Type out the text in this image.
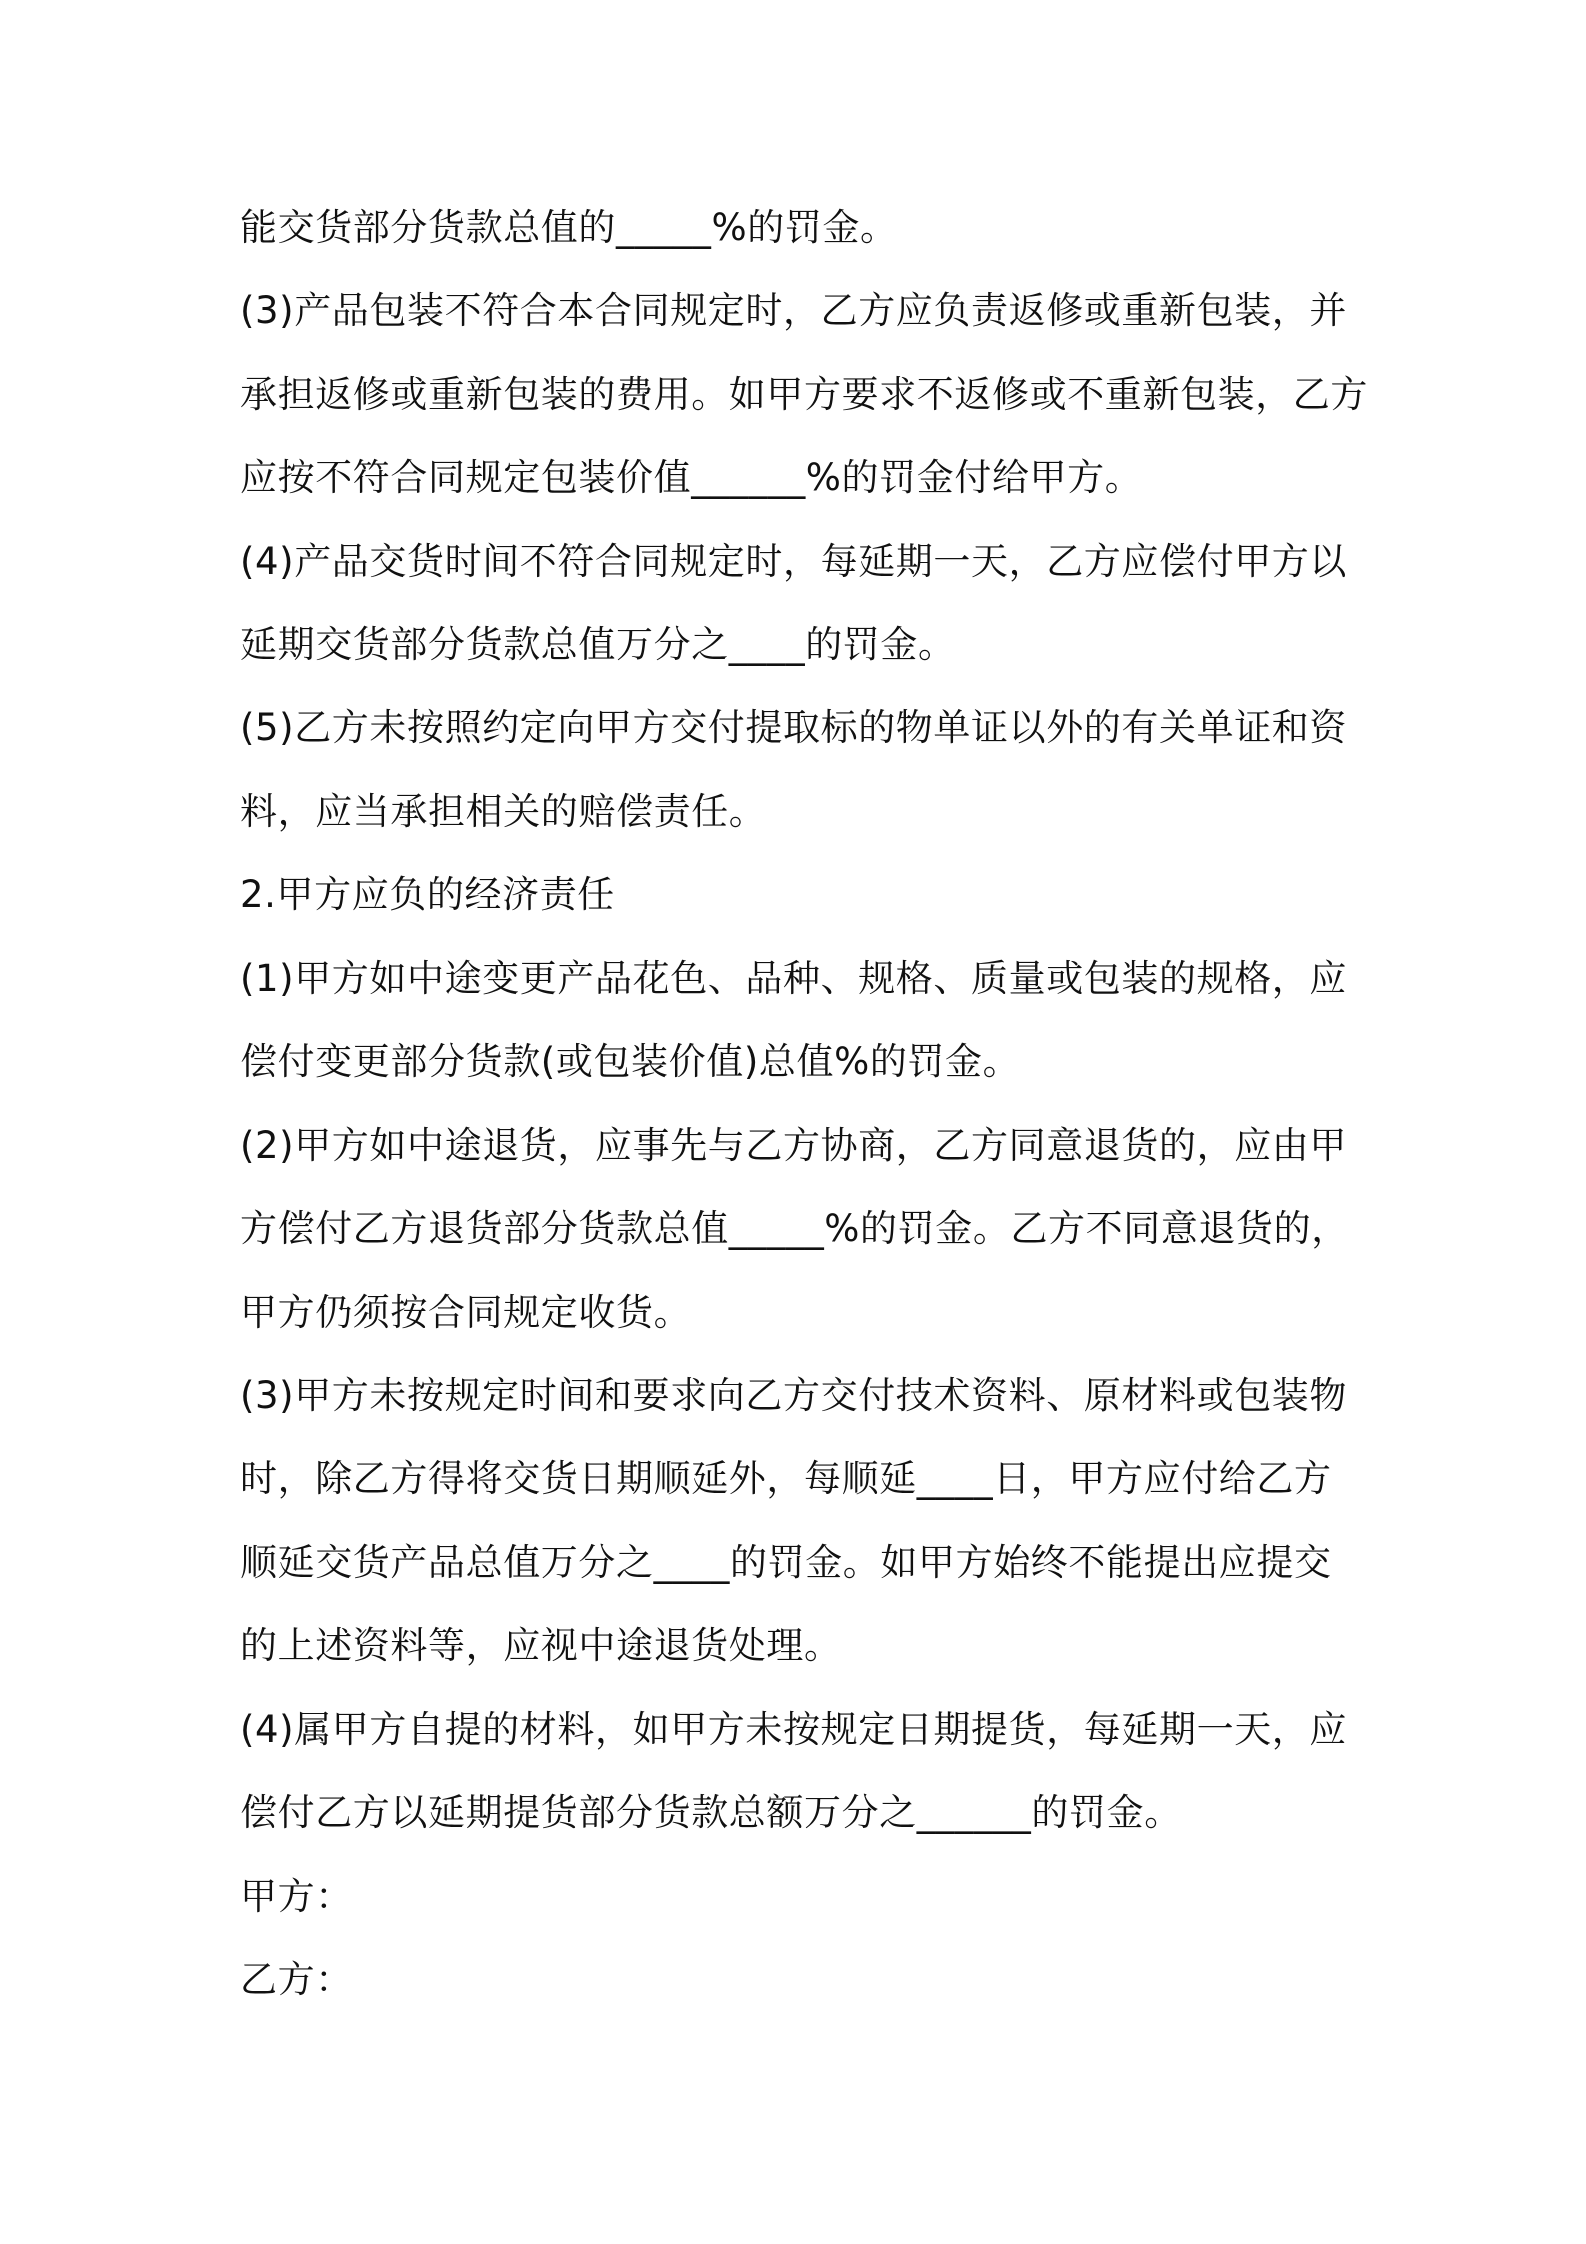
能交货部分货款总值的_____%的罚金。
(3)产品包装不符合本合同规定时，乙方应负责返修或重新包装，并
承担返修或重新包装的费用。如甲方要求不返修或不重新包装，乙方
应按不符合同规定包装价值______%的罚金付给甲方。
(4)产品交货时间不符合同规定时，每延期一天，乙方应偿付甲方以
延期交货部分货款总值万分之____的罚金。
(5)乙方未按照约定向甲方交付提取标的物单证以外的有关单证和资
料，应当承担相关的赔偿责任。
2.甲方应负的经济责任
(1)甲方如中途变更产品花色、品种、规格、质量或包装的规格，应
偿付变更部分货款(或包装价值)总值%的罚金。
(2)甲方如中途退货，应事先与乙方协商，乙方同意退货的，应由甲
方偿付乙方退货部分货款总值_____%的罚金。乙方不同意退货的，
甲方仍须按合同规定收货。
(3)甲方未按规定时间和要求向乙方交付技术资料、原材料或包装物
时，除乙方得将交货日期顺延外，每顺延____日，甲方应付给乙方
顺延交货产品总值万分之____的罚金。如甲方始终不能提出应提交
的上述资料等，应视中途退货处理。
(4)属甲方自提的材料，如甲方未按规定日期提货，每延期一天，应
偿付乙方以延期提货部分货款总额万分之______的罚金。
甲方：
乙方：
